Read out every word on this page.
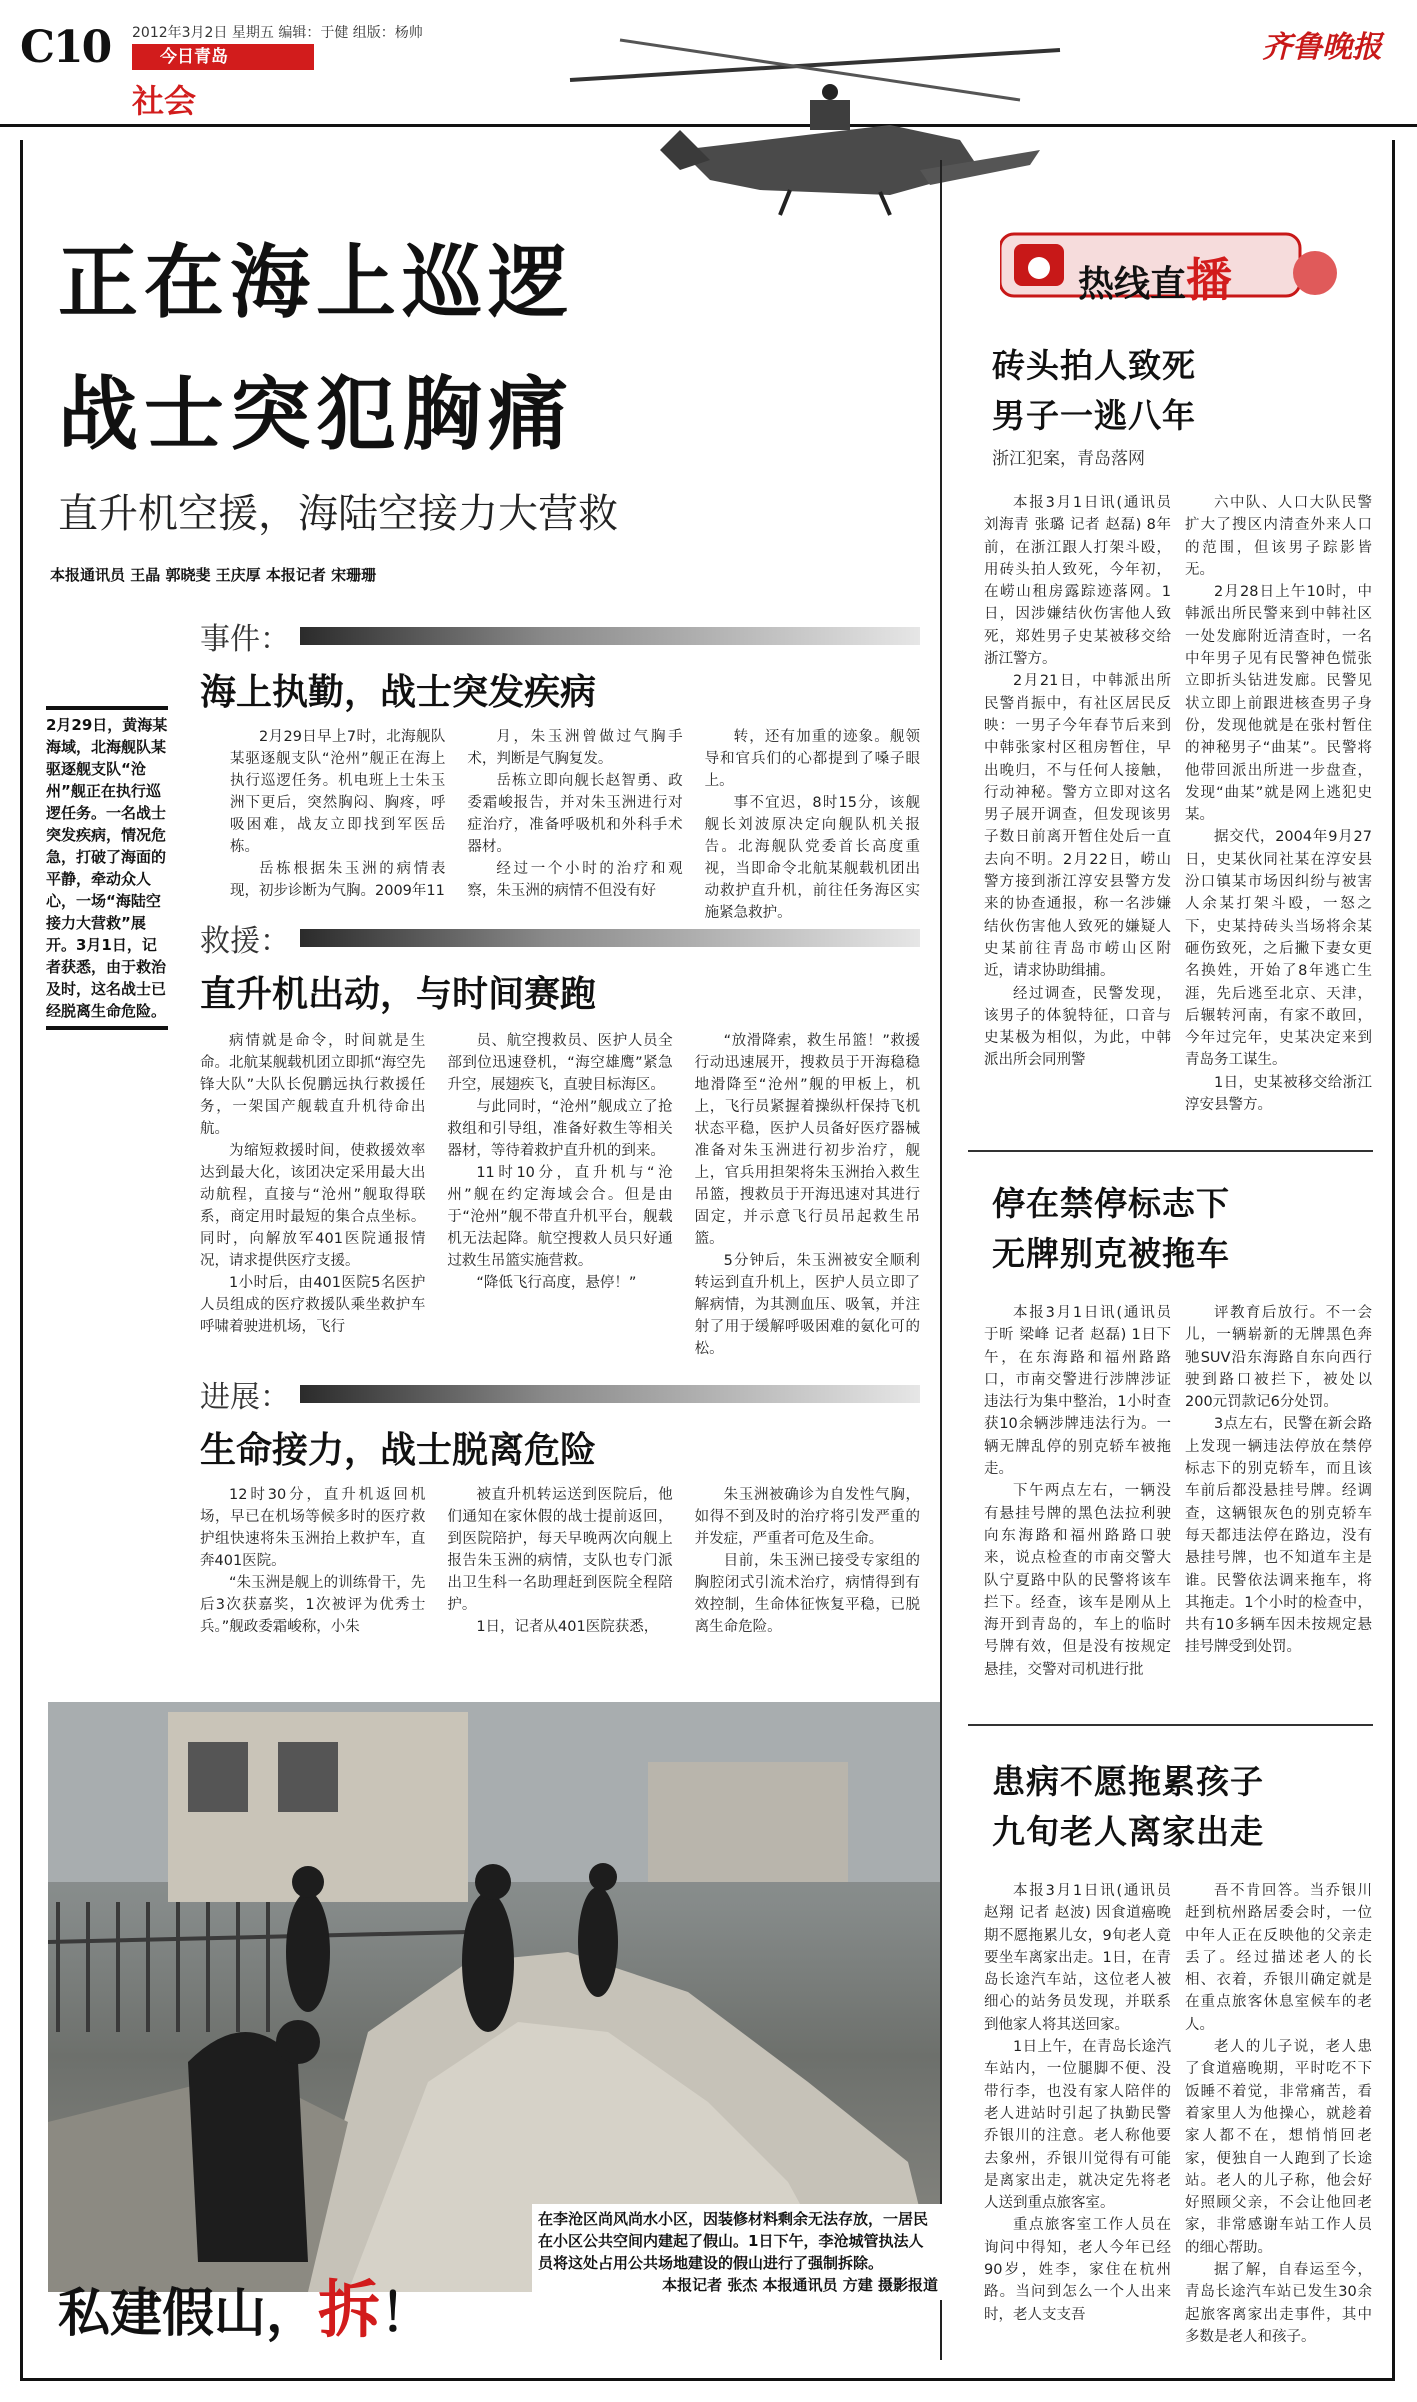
C10 2012年3月2日 星期五 编辑：于健 组版：杨帅
今日青岛
社会
齐鲁晚报
正在海上巡逻
战士突犯胸痛
直升机空援，海陆空接力大营救
本报通讯员 王晶 郭晓斐 王庆厚 本报记者 宋珊珊
2月29日，黄海某海域，北海舰队某驱逐舰支队“沧州”舰正在执行巡逻任务。一名战士突发疾病，情况危急，打破了海面的平静，牵动众人心，一场“海陆空接力大营救”展开。3月1日，记者获悉，由于救治及时，这名战士已经脱离生命危险。
事件：
海上执勤，战士突发疾病

2月29日早上7时，北海舰队某驱逐舰支队“沧州”舰正在海上执行巡逻任务。机电班上士朱玉洲下更后，突然胸闷、胸疼，呼吸困难，战友立即找到军医岳栋。

岳栋根据朱玉洲的病情表现，初步诊断为气胸。2009年11

月，朱玉洲曾做过气胸手术，判断是气胸复发。

岳栋立即向舰长赵智勇、政委霜峻报告，并对朱玉洲进行对症治疗，准备呼吸机和外科手术器材。

经过一个小时的治疗和观察，朱玉洲的病情不但没有好

转，还有加重的迹象。舰领导和官兵们的心都提到了嗓子眼上。

事不宜迟，8时15分，该舰舰长刘波原决定向舰队机关报告。北海舰队党委首长高度重视，当即命令北航某舰载机团出动救护直升机，前往任务海区实施紧急救护。

救援：
直升机出动，与时间赛跑

病情就是命令，时间就是生命。北航某舰载机团立即抓“海空先锋大队”大队长倪鹏远执行救援任务，一架国产舰载直升机待命出航。

为缩短救援时间，使救援效率达到最大化，该团决定采用最大出动航程，直接与“沧州”舰取得联系，商定用时最短的集合点坐标。同时，向解放军401医院通报情况，请求提供医疗支援。

1小时后，由401医院5名医护人员组成的医疗救援队乘坐救护车呼啸着驶进机场，飞行

员、航空搜救员、医护人员全部到位迅速登机，“海空雄鹰”紧急升空，展翅疾飞，直驶目标海区。

与此同时，“沧州”舰成立了抢救组和引导组，准备好救生等相关器材，等待着救护直升机的到来。

11时10分，直升机与“沧州”舰在约定海域会合。但是由于“沧州”舰不带直升机平台，舰载机无法起降。航空搜救人员只好通过救生吊篮实施营救。

“降低飞行高度，悬停！”

“放滑降索，救生吊篮！”救援行动迅速展开，搜救员于开海稳稳地滑降至“沧州”舰的甲板上，机上，飞行员紧握着操纵杆保持飞机状态平稳，医护人员备好医疗器械准备对朱玉洲进行初步治疗，舰上，官兵用担架将朱玉洲抬入救生吊篮，搜救员于开海迅速对其进行固定，并示意飞行员吊起救生吊篮。

5分钟后，朱玉洲被安全顺利转运到直升机上，医护人员立即了解病情，为其测血压、吸氧，并注射了用于缓解呼吸困难的氨化可的松。

进展：
生命接力，战士脱离危险

12时30分，直升机返回机场，早已在机场等候多时的医疗救护组快速将朱玉洲抬上救护车，直奔401医院。

“朱玉洲是舰上的训练骨干，先后3次获嘉奖，1次被评为优秀士兵。”舰政委霜峻称，小朱

被直升机转运送到医院后，他们通知在家休假的战士提前返回，到医院陪护，每天早晚两次向舰上报告朱玉洲的病情，支队也专门派出卫生科一名助理赶到医院全程陪护。

1日，记者从401医院获悉，

朱玉洲被确诊为自发性气胸，如得不到及时的治疗将引发严重的并发症，严重者可危及生命。

目前，朱玉洲已接受专家组的胸腔闭式引流术治疗，病情得到有效控制，生命体征恢复平稳，已脱离生命危险。

在李沧区尚风尚水小区，因装修材料剩余无法存放，一居民在小区公共空间内建起了假山。1日下午，李沧城管执法人员将这处占用公共场地建设的假山进行了强制拆除。
本报记者 张杰 本报通讯员 方建 摄影报道
私建假山，拆！
热线直播
砖头拍人致死
男子一逃八年
浙江犯案，青岛落网

本报3月1日讯(通讯员 刘海青 张璐 记者 赵磊) 8年前，在浙江跟人打架斗殴，用砖头拍人致死，今年初，在崂山租房露踪迹落网。1日，因涉嫌结伙伤害他人致死，郑姓男子史某被移交给浙江警方。

2月21日，中韩派出所民警肖振中，有社区居民反映：一男子今年春节后来到中韩张家村区租房暂住，早出晚归，不与任何人接触，行动神秘。警方立即对这名男子展开调查，但发现该男子数日前离开暂住处后一直去向不明。2月22日，崂山警方接到浙江淳安县警方发来的协查通报，称一名涉嫌结伙伤害他人致死的嫌疑人史某前往青岛市崂山区附近，请求协助缉捕。

经过调查，民警发现，该男子的体貌特征，口音与史某极为相似，为此，中韩派出所会同刑警

六中队、人口大队民警扩大了搜区内清查外来人口的范围，但该男子踪影皆无。

2月28日上午10时，中韩派出所民警来到中韩社区一处发廊附近清查时，一名中年男子见有民警神色慌张立即折头钻进发廊。民警见状立即上前跟进核查男子身份，发现他就是在张村暂住的神秘男子“曲某”。民警将他带回派出所进一步盘查，发现“曲某”就是网上逃犯史某。

据交代，2004年9月27日，史某伙同社某在淳安县汾口镇某市场因纠纷与被害人余某打架斗殴，一怒之下，史某持砖头当场将余某砸伤致死，之后撇下妻女更名换姓，开始了8年逃亡生涯，先后逃至北京、天津，后辗转河南，有家不敢回，今年过完年，史某决定来到青岛务工谋生。

1日，史某被移交给浙江淳安县警方。

停在禁停标志下
无牌别克被拖车

本报3月1日讯(通讯员 于昕 梁峰 记者 赵磊) 1日下午，在东海路和福州路路口，市南交警进行涉牌涉证违法行为集中整治，1小时查获10余辆涉牌违法行为。一辆无牌乱停的别克轿车被拖走。

下午两点左右，一辆没有悬挂号牌的黑色法拉利驶向东海路和福州路路口驶来，说点检查的市南交警大队宁夏路中队的民警将该车拦下。经查，该车是刚从上海开到青岛的，车上的临时号牌有效，但是没有按规定悬挂，交警对司机进行批

评教育后放行。不一会儿，一辆崭新的无牌黑色奔驰SUV沿东海路自东向西行驶到路口被拦下，被处以200元罚款记6分处罚。

3点左右，民警在新会路上发现一辆违法停放在禁停标志下的别克轿车，而且该车前后都没悬挂号牌。经调查，这辆银灰色的别克轿车每天都违法停在路边，没有悬挂号牌，也不知道车主是谁。民警依法调来拖车，将其拖走。1个小时的检查中，共有10多辆车因未按规定悬挂号牌受到处罚。

患病不愿拖累孩子
九旬老人离家出走

本报3月1日讯(通讯员 赵翔 记者 赵波) 因食道癌晚期不愿拖累儿女，9旬老人竟要坐车离家出走。1日，在青岛长途汽车站，这位老人被细心的站务员发现，并联系到他家人将其送回家。

1日上午，在青岛长途汽车站内，一位腿脚不便、没带行李，也没有家人陪伴的老人进站时引起了执勤民警乔银川的注意。老人称他要去象州，乔银川觉得有可能是离家出走，就决定先将老人送到重点旅客室。

重点旅客室工作人员在询问中得知，老人今年已经90岁，姓李，家住在杭州路。当问到怎么一个人出来时，老人支支吾

吾不肯回答。当乔银川赶到杭州路居委会时，一位中年人正在反映他的父亲走丢了。经过描述老人的长相、衣着，乔银川确定就是在重点旅客休息室候车的老人。

老人的儿子说，老人患了食道癌晚期，平时吃不下饭睡不着觉，非常痛苦，看着家里人为他操心，就趁着家人都不在，想悄悄回老家，便独自一人跑到了长途站。老人的儿子称，他会好好照顾父亲，不会让他回老家，非常感谢车站工作人员的细心帮助。

据了解，自春运至今，青岛长途汽车站已发生30余起旅客离家出走事件，其中多数是老人和孩子。
